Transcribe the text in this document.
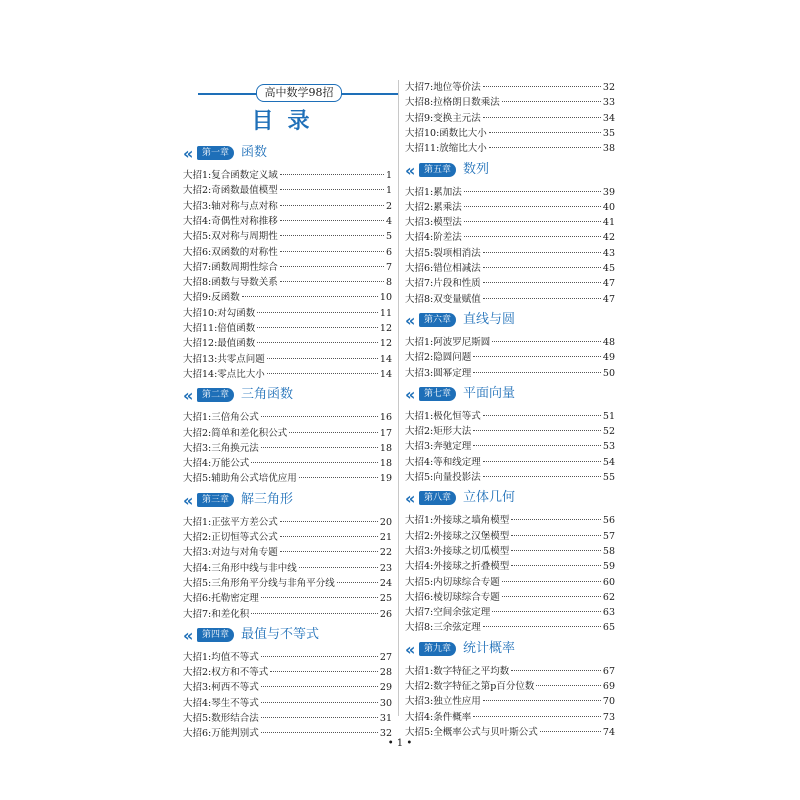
高中数学98招
目录
«	第一章 函数
大招1:复合函数定义域	1
大招2:奇函数最值模型	1
大招3:轴对称与点对称	2
大招4:奇偶性对称推移	4
大招5:双对称与周期性	5
大招6:双函数的对称性	6
大招7:函数周期性综合	7
大招8:函数与导数关系	8
大招9:反函数	10
大招10:对勾函数	11
大招11:倍值函数	12
大招12:最值函数	12
大招13:共零点问题	14
大招14:零点比大小	14
«	第二章 三角函数
大招1:三倍角公式	16
大招2:简单和差化积公式	17
大招3:三角换元法	18
大招4:万能公式	18
大招5:辅助角公式培优应用	19
«	第三章 解三角形
大招1:正弦平方差公式	20
大招2:正切恒等式公式	21
大招3:对边与对角专题	22
大招4:三角形中线与非中线	23
大招5:三角形角平分线与非角平分线	24
大招6:托勒密定理	25
大招7:和差化积	26
«	第四章 最值与不等式
大招1:均值不等式	27
大招2:权方和不等式	28
大招3:柯西不等式	29
大招4:琴生不等式	30
大招5:数形结合法	31
大招6:万能判别式	32
大招7:地位等价法	32
大招8:拉格朗日数乘法	33
大招9:变换主元法	34
大招10:函数比大小	35
大招11:放缩比大小	38
«	第五章 数列
大招1:累加法	39
大招2:累乘法	40
大招3:模型法	41
大招4:阶差法	42
大招5:裂项相消法	43
大招6:错位相减法	45
大招7:片段和性质	47
大招8:双变量赋值	47
«	第六章 直线与圆
大招1:阿波罗尼斯圆	48
大招2:隐圆问题	49
大招3:圆幂定理	50
«	第七章 平面向量
大招1:极化恒等式	51
大招2:矩形大法	52
大招3:奔驰定理	53
大招4:等和线定理	54
大招5:向量投影法	55
«	第八章 立体几何
大招1:外接球之墙角模型	56
大招2:外接球之汉堡模型	57
大招3:外接球之切瓜模型	58
大招4:外接球之折叠模型	59
大招5:内切球综合专题	60
大招6:棱切球综合专题	62
大招7:空间余弦定理	63
大招8:三余弦定理	65
«	第九章 统计概率
大招1:数字特征之平均数	67
大招2:数字特征之第p百分位数	69
大招3:独立性应用	70
大招4:条件概率	73
大招5:全概率公式与贝叶斯公式	74
• 1 •
